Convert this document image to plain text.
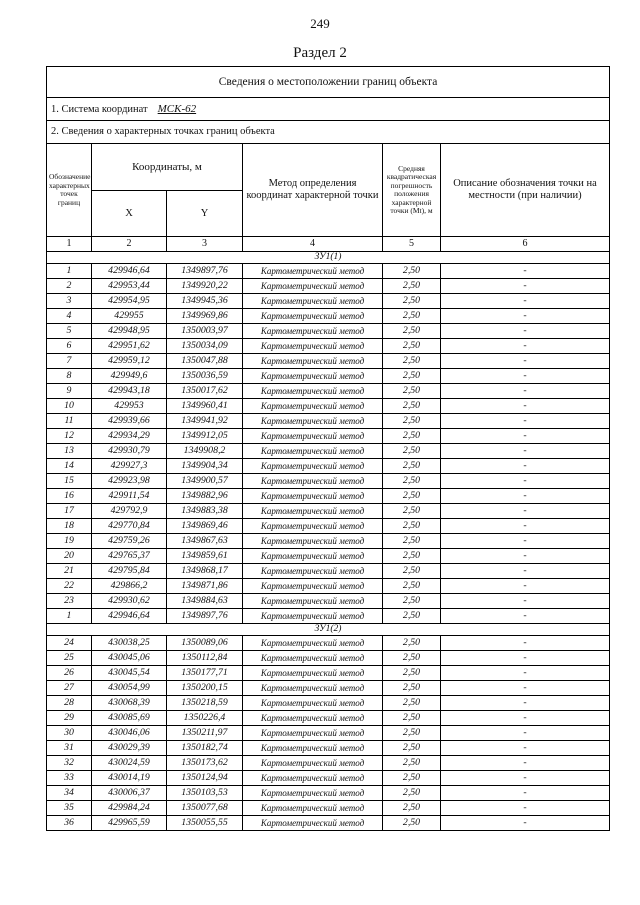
249
Раздел 2
Сведения о местоположении границ объекта					
1. Система координат МСК-62					
2. Сведения о характерных точках границ объекта					
Обозначение характерных точек границ	Координаты, м		Метод определения координат характерной точки	Средняя квадратическая погрешность положения характерной точки (Mt), м	Описание обозначения точки на местности (при наличии)
	X	Y			
1	2	3	4	5	6
ЗУ1(1)					
1	429946,64	1349897,76	Картометрический метод	2,50	-
2	429953,44	1349920,22	Картометрический метод	2,50	-
3	429954,95	1349945,36	Картометрический метод	2,50	-
4	429955	1349969,86	Картометрический метод	2,50	-
5	429948,95	1350003,97	Картометрический метод	2,50	-
6	429951,62	1350034,09	Картометрический метод	2,50	-
7	429959,12	1350047,88	Картометрический метод	2,50	-
8	429949,6	1350036,59	Картометрический метод	2,50	-
9	429943,18	1350017,62	Картометрический метод	2,50	-
10	429953	1349960,41	Картометрический метод	2,50	-
11	429939,66	1349941,92	Картометрический метод	2,50	-
12	429934,29	1349912,05	Картометрический метод	2,50	-
13	429930,79	1349908,2	Картометрический метод	2,50	-
14	429927,3	1349904,34	Картометрический метод	2,50	-
15	429923,98	1349900,57	Картометрический метод	2,50	-
16	429911,54	1349882,96	Картометрический метод	2,50	-
17	429792,9	1349883,38	Картометрический метод	2,50	-
18	429770,84	1349869,46	Картометрический метод	2,50	-
19	429759,26	1349867,63	Картометрический метод	2,50	-
20	429765,37	1349859,61	Картометрический метод	2,50	-
21	429795,84	1349868,17	Картометрический метод	2,50	-
22	429866,2	1349871,86	Картометрический метод	2,50	-
23	429930,62	1349884,63	Картометрический метод	2,50	-
1	429946,64	1349897,76	Картометрический метод	2,50	-
ЗУ1(2)					
24	430038,25	1350089,06	Картометрический метод	2,50	-
25	430045,06	1350112,84	Картометрический метод	2,50	-
26	430045,54	1350177,71	Картометрический метод	2,50	-
27	430054,99	1350200,15	Картометрический метод	2,50	-
28	430068,39	1350218,59	Картометрический метод	2,50	-
29	430085,69	1350226,4	Картометрический метод	2,50	-
30	430046,06	1350211,97	Картометрический метод	2,50	-
31	430029,39	1350182,74	Картометрический метод	2,50	-
32	430024,59	1350173,62	Картометрический метод	2,50	-
33	430014,19	1350124,94	Картометрический метод	2,50	-
34	430006,37	1350103,53	Картометрический метод	2,50	-
35	429984,24	1350077,68	Картометрический метод	2,50	-
36	429965,59	1350055,55	Картометрический метод	2,50	-
